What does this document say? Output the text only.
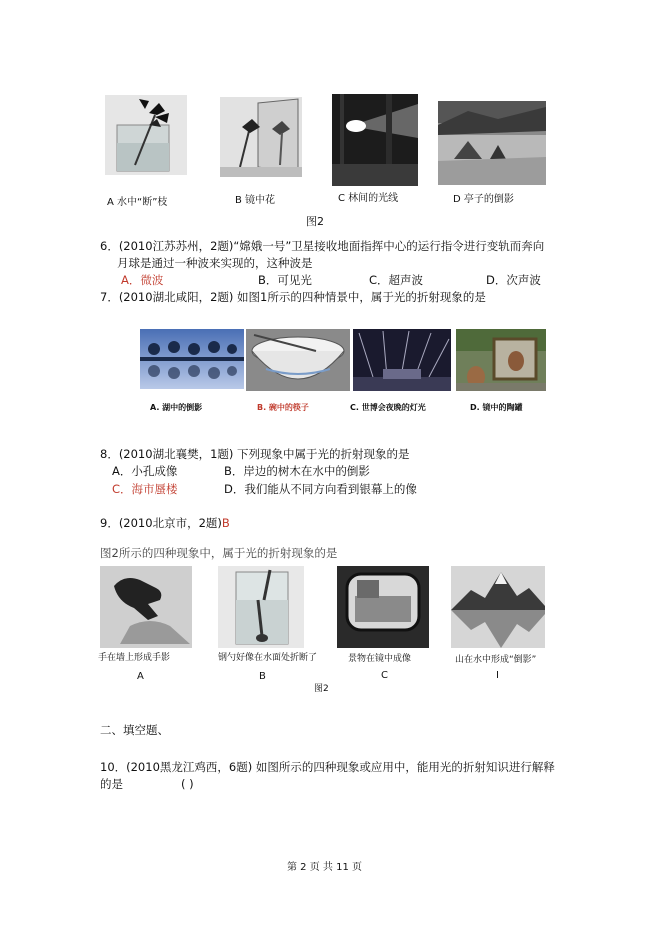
A 水中“断”枝	B 镜中花	C 林间的光线	D 亭子的倒影
图2
6．(2010江苏苏州，2题)“嫦娥一号”卫星接收地面指挥中心的运行指令进行变轨而奔向
月球是通过一种波来实现的，这种波是
A．微波	B．可见光	C．超声波	D．次声波
7．(2010湖北咸阳，2题) 如图1所示的四种情景中，属于光的折射现象的是
A. 湖中的倒影	B. 碗中的筷子	C. 世博会夜晚的灯光	D. 镜中的陶罐
8．(2010湖北襄樊，1题) 下列现象中属于光的折射现象的是
A．小孔成像	B．岸边的树木在水中的倒影
C．海市蜃楼	D．我们能从不同方向看到银幕上的像
9．(2010北京市，2题)B
图2所示的四种现象中，属于光的折射现象的是
手在墙上形成手影	钢勺好像在水面处折断了	景物在镜中成像	山在水中形成“倒影”
A	B	C	I
图2
二、填空题、
10．(2010黑龙江鸡西，6题) 如图所示的四种现象或应用中，能用光的折射知识进行解释
的是	( )
第 2 页 共 11 页
